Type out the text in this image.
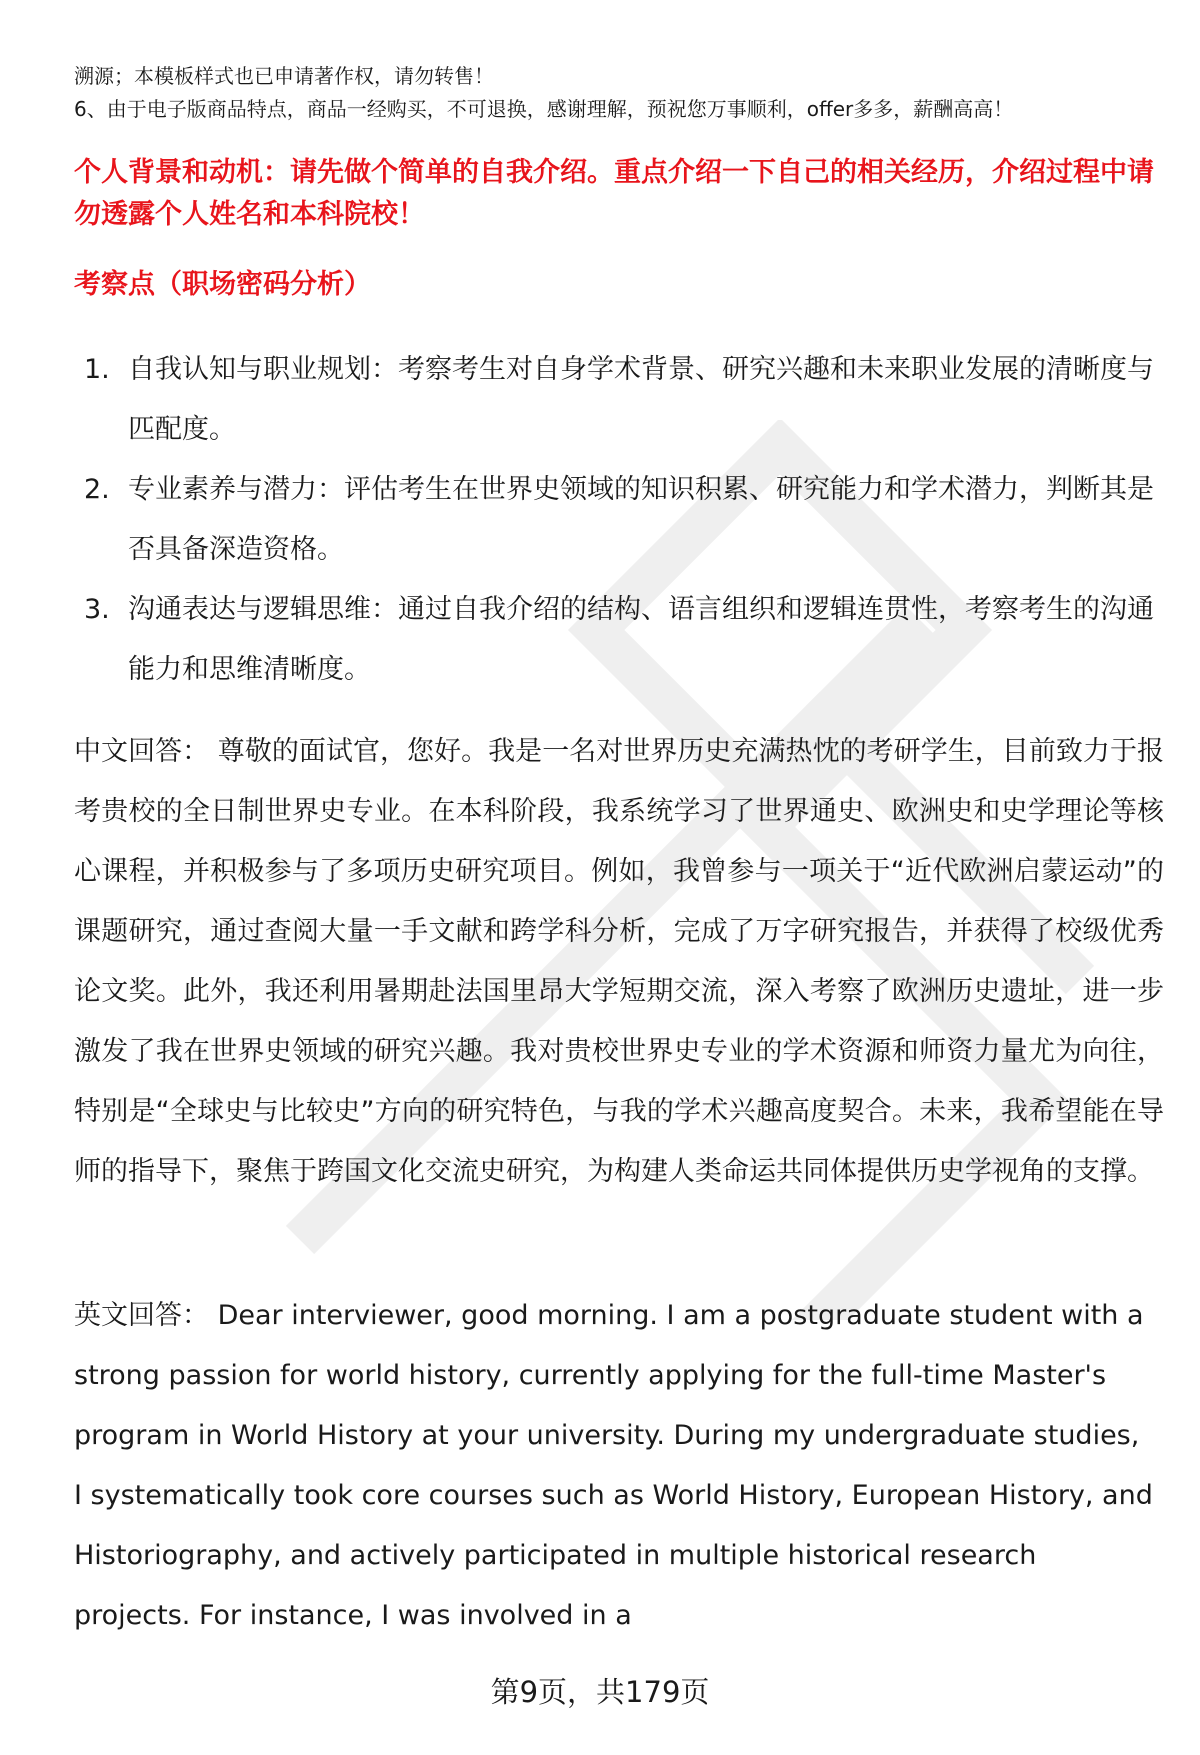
溯源；本模板样式也已申请著作权，请勿转售！
6、由于电子版商品特点，商品一经购买，不可退换，感谢理解，预祝您万事顺利，offer多多，薪酬高高！
个人背景和动机：请先做个简单的自我介绍。重点介绍一下自己的相关经历，介绍过程中请勿透露个人姓名和本科院校！
考察点（职场密码分析）
1. 自我认知与职业规划：考察考生对自身学术背景、研究兴趣和未来职业发展的清晰度与匹配度。
2. 专业素养与潜力：评估考生在世界史领域的知识积累、研究能力和学术潜力，判断其是否具备深造资格。
3. 沟通表达与逻辑思维：通过自我介绍的结构、语言组织和逻辑连贯性，考察考生的沟通能力和思维清晰度。

中文回答： 尊敬的面试官，您好。我是一名对世界历史充满热忱的考研学生，目前致力于报考贵校的全日制世界史专业。在本科阶段，我系统学习了世界通史、欧洲史和史学理论等核心课程，并积极参与了多项历史研究项目。例如，我曾参与一项关于“近代欧洲启蒙运动”的课题研究，通过查阅大量一手文献和跨学科分析，完成了万字研究报告，并获得了校级优秀论文奖。此外，我还利用暑期赴法国里昂大学短期交流，深入考察了欧洲历史遗址，进一步激发了我在世界史领域的研究兴趣。我对贵校世界史专业的学术资源和师资力量尤为向往，特别是“全球史与比较史”方向的研究特色，与我的学术兴趣高度契合。未来，我希望能在导师的指导下，聚焦于跨国文化交流史研究，为构建人类命运共同体提供历史学视角的支撑。

英文回答： Dear interviewer, good morning. I am a postgraduate student with a strong passion for world history, currently applying for the full-time Master's program in World History at your university. During my undergraduate studies, I systematically took core courses such as World History, European History, and Historiography, and actively participated in multiple historical research projects. For instance, I was involved in a

第9页，共179页
